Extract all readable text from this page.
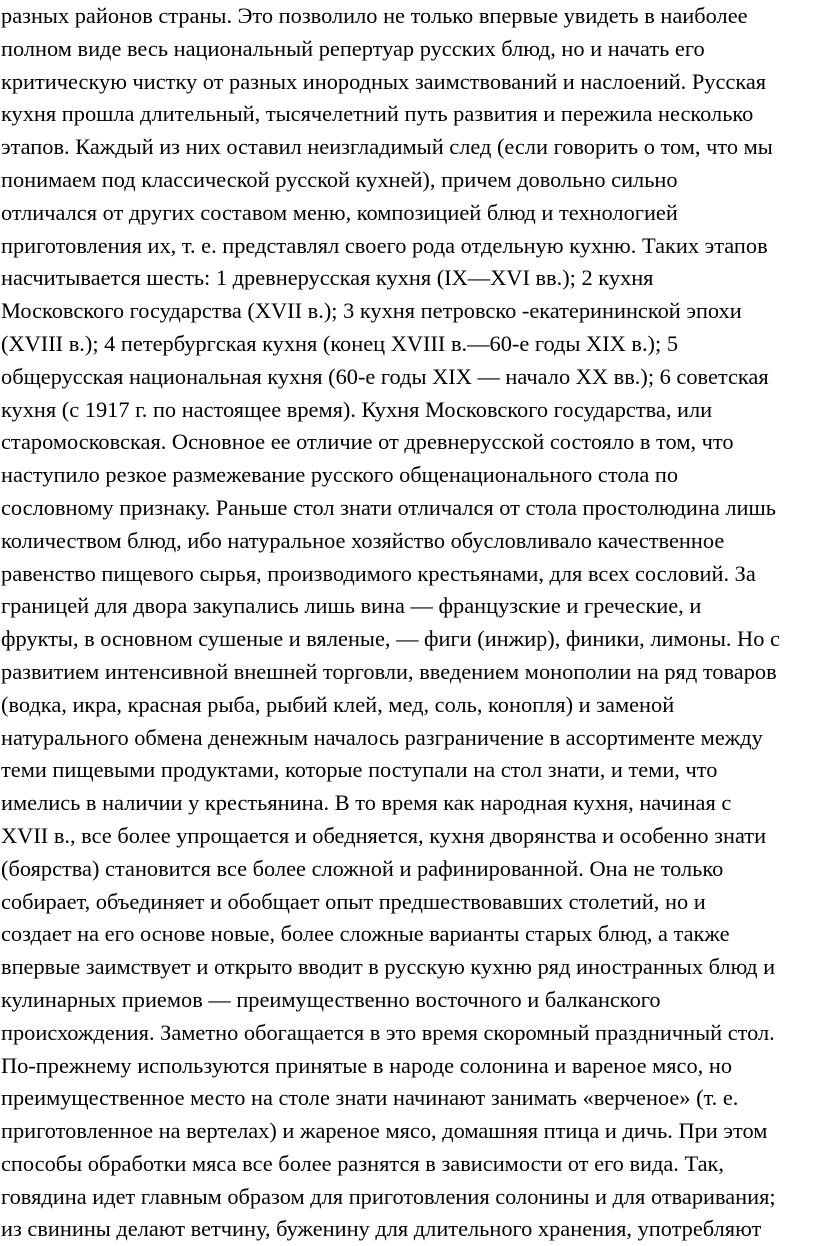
разных районов страны. Это позволило не только впервые увидеть в наиболее
полном виде весь национальный репертуар русских блюд, но и начать его
критическую чистку от разных инородных заимствований и наслоений. Русская
кухня прошла длительный, тысячелетний путь развития и пережила несколько
этапов. Каждый из них оставил неизгладимый след (если говорить о том, что мы
понимаем под классической русской кухней), причем довольно сильно
отличался от других составом меню, композицией блюд и технологией
приготовления их, т. е. представлял своего рода отдельную кухню. Таких этапов
насчитывается шесть: 1 древнерусская кухня (IX—XVI вв.); 2 кухня
Московского государства (XVII в.); 3 кухня петровско -екатерининской эпохи
(XVIII в.); 4 петербургская кухня (конец XVIII в.—60-е годы XIX в.); 5
общерусская национальная кухня (60-е годы XIX — начало XX вв.); 6 советская
кухня (с 1917 г. по настоящее время). Кухня Московского государства, или
старомосковская. Основное ее отличие от древнерусской состояло в том, что
наступило резкое размежевание русского общенационального стола по
сословному признаку. Раньше стол знати отличался от стола простолюдина лишь
количеством блюд, ибо натуральное хозяйство обусловливало качественное
равенство пищевого сырья, производимого крестьянами, для всех сословий. За
границей для двора закупались лишь вина — французские и греческие, и
фрукты, в основном сушеные и вяленые, — фиги (инжир), финики, лимоны. Но с
развитием интенсивной внешней торговли, введением монополии на ряд товаров
(водка, икра, красная рыба, рыбий клей, мед, соль, конопля) и заменой
натурального обмена денежным началось разграничение в ассортименте между
теми пищевыми продуктами, которые поступали на стол знати, и теми, что
имелись в наличии у крестьянина. В то время как народная кухня, начиная с
XVII в., все более упрощается и обедняется, кухня дворянства и особенно знати
(боярства) становится все более сложной и рафинированной. Она не только
собирает, объединяет и обобщает опыт предшествовавших столетий, но и
создает на его основе новые, более сложные варианты старых блюд, а также
впервые заимствует и открыто вводит в русскую кухню ряд иностранных блюд и
кулинарных приемов — преимущественно восточного и балканского
происхождения. Заметно обогащается в это время скоромный праздничный стол.
По-прежнему используются принятые в народе солонина и вареное мясо, но
преимущественное место на столе знати начинают занимать «верченое» (т. е.
приготовленное на вертелах) и жареное мясо, домашняя птица и дичь. При этом
способы обработки мяса все более разнятся в зависимости от его вида. Так,
говядина идет главным образом для приготовления солонины и для отваривания;
из свинины делают ветчину, буженину для длительного хранения, употребляют
